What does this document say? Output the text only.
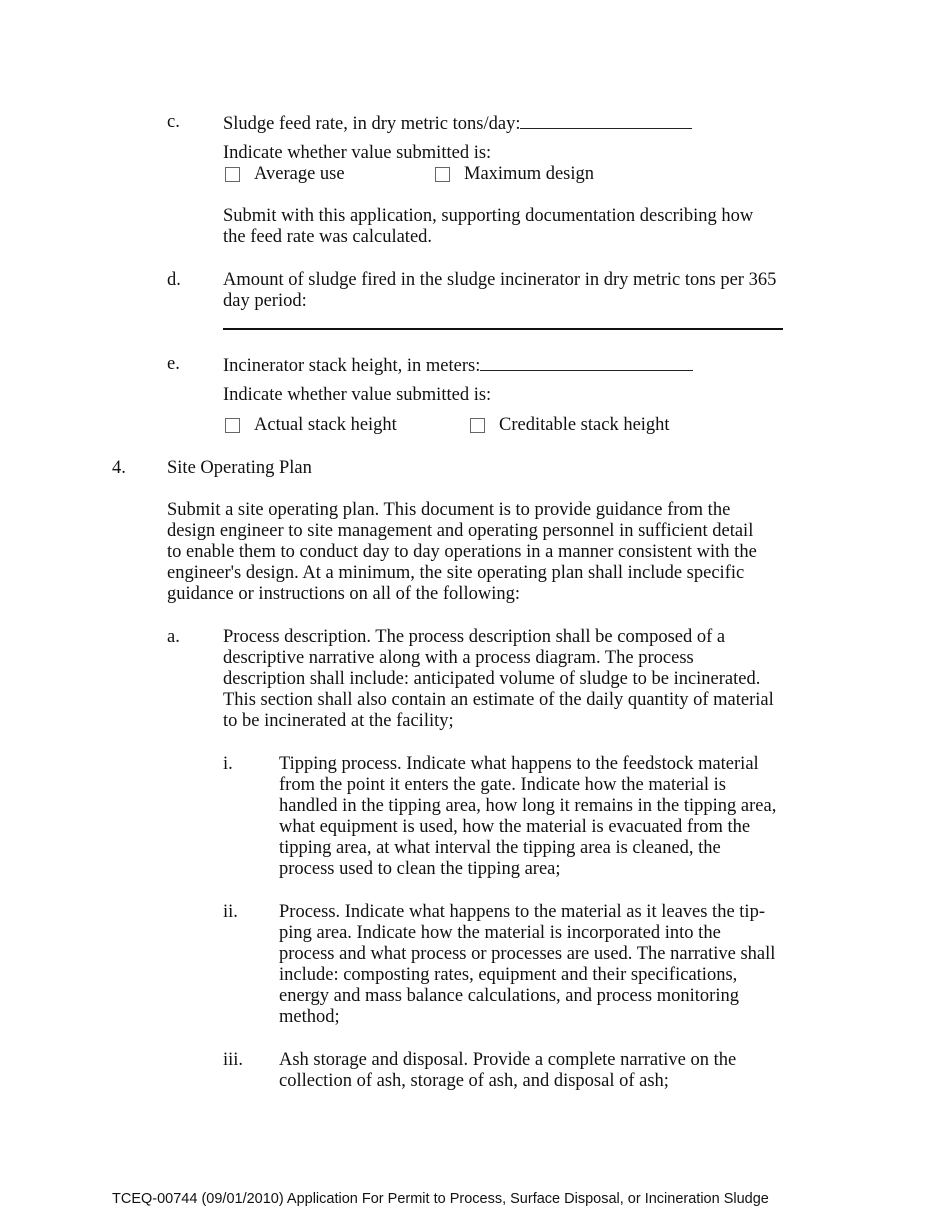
c. Sludge feed rate, in dry metric tons/day:
Indicate whether value submitted is:
Average use	Maximum design
Submit with this application, supporting documentation describing how
the feed rate was calculated.
d. Amount of sludge fired in the sludge incinerator in dry metric tons per 365
day period:
e. Incinerator stack height, in meters:
Indicate whether value submitted is:
Actual stack height	Creditable stack height
4. Site Operating Plan
Submit a site operating plan. This document is to provide guidance from the
design engineer to site management and operating personnel in sufficient detail
to enable them to conduct day to day operations in a manner consistent with the
engineer's design. At a minimum, the site operating plan shall include specific
guidance or instructions on all of the following:
a. Process description. The process description shall be composed of a
descriptive narrative along with a process diagram. The process
description shall include: anticipated volume of sludge to be incinerated.
This section shall also contain an estimate of the daily quantity of material
to be incinerated at the facility;
i. Tipping process. Indicate what happens to the feedstock material
from the point it enters the gate. Indicate how the material is
handled in the tipping area, how long it remains in the tipping area,
what equipment is used, how the material is evacuated from the
tipping area, at what interval the tipping area is cleaned, the
process used to clean the tipping area;
ii. Process. Indicate what happens to the material as it leaves the tip-
ping area. Indicate how the material is incorporated into the
process and what process or processes are used. The narrative shall
include: composting rates, equipment and their specifications,
energy and mass balance calculations, and process monitoring
method;
iii. Ash storage and disposal. Provide a complete narrative on the
collection of ash, storage of ash, and disposal of ash;
TCEQ-00744 (09/01/2010) Application For Permit to Process, Surface Disposal, or Incineration Sludge
